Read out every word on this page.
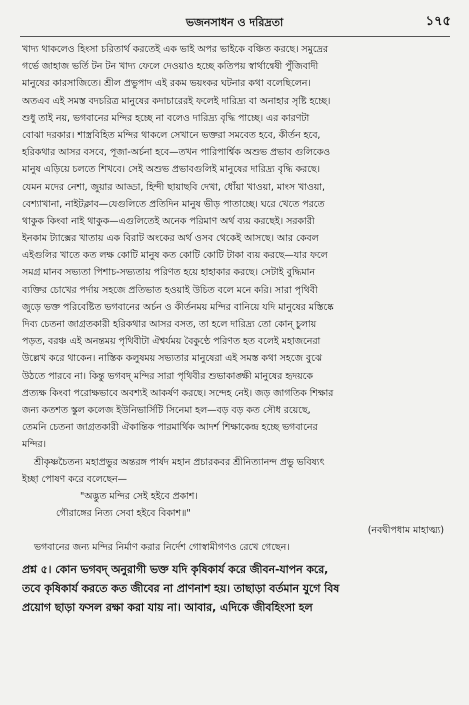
ভজনসাধন ও দরিদ্রতা	১৭৫
খাদ্য থাকলেও হিংসা চরিতার্থ করতেই এক ভাই অপর ভাইকে বঞ্চিত করছে। সমুদ্রের
গর্ভে জাহাজ ভর্তি টন টন খাদ্য ফেলে দেওয়াও হচ্ছে কতিপয় স্বার্থান্বেষী পুঁজিবাদী
মানুষের কারসাজিতে। শ্রীল প্রভুপাদ এই রকম ভয়ংকর ঘটনার কথা বলেছিলেন।
অতএব এই সমস্ত বদচরিত্র মানুষের কদাচারেরই ফলেই দারিদ্র্য বা অনাহার সৃষ্টি হচ্ছে।
শুধু তাই নয়, ভগবানের মন্দির হচ্ছে না বলেও দারিদ্র্য বৃদ্ধি পাচ্ছে। এর কারণটা
বোঝা দরকার। শাস্ত্রবিহিত মন্দির থাকলে সেখানে ভক্তরা সমবেত হবে, কীর্তন হবে,
হরিকথার আসর বসবে, পূজা-অর্চনা হবে—তখন পারিপার্শ্বিক অশুভ প্রভাব গুলিকেও
মানুষ এড়িয়ে চলতে শিখবে। সেই অশুভ প্রভাবগুলিই মানুষের দারিদ্র্য বৃদ্ধি করছে।
যেমন মদের নেশা, জুয়ার আড্ডা, হিন্দী ছায়াছবি দেখা, ধোঁয়া খাওয়া, মাংস খাওয়া,
বেশ্যাখানা, নাইটক্লাব—যেগুলিতে প্রতিদিন মানুষ ভীড় পাতাচ্ছে। ঘরে খেতে পরতে
থাকুক কিংবা নাই থাকুক—এগুলিতেই অনেক পরিমাণ অর্থ ব্যয় করছেই। সরকারী
ইনকাম ট্যাক্সের খাতায় এক বিরাট অংকের অর্থ ওসব থেকেই আসছে। আর কেবল
এইগুলির খাতে কত লক্ষ কোটি মানুষ কত কোটি কোটি টাকা ব্যয় করছে—যার ফলে
সমগ্র মানব সভ্যতা পিশাচ-সভ্যতায় পরিণত হয়ে হাহাকার করছে। সেটাই বুদ্ধিমান
ব্যক্তির চোখের পর্দায় সহজে প্রতিভাত হওয়াই উচিত বলে মনে করি। সারা পৃথিবী
জুড়ে ভক্ত পরিবেষ্টিত ভগবানের অর্চন ও কীর্তনময় মন্দির বানিয়ে যদি মানুষের মস্তিষ্কে
দিব্য চেতনা জাগ্রতকারী হরিকথার আসর বসত, তা হলে দারিদ্র্য তো কোন্ চুলায়
পড়ত, বরঞ্চ এই অনন্তময় পৃথিবীটা ঐশ্বর্যময় বৈকুণ্ঠে পরিণত হত বলেই মহাজনেরা
উল্লেখ করে থাকেন। নাস্তিক কলুষময় সভ্যতার মানুষেরা এই সমস্ত কথা সহজে বুঝে
উঠতে পারবে না। কিন্তু ভগবদ্ মন্দির সারা পৃথিবীর শুভাকাঙ্ক্ষী মানুষের হৃদয়কে
প্রত্যক্ষ কিংবা পরোক্ষভাবে অবশ্যই আকর্ষণ করছে। সন্দেহ নেই। জড় জাগতিক শিক্ষার
জন্য কতশত স্কুল কলেজ ইউনিভার্সিটি সিনেমা হল—বড় বড় কত সৌধ রয়েছে,
তেমনি চেতনা জাগ্রতকারী ঐকান্তিক পারমার্থিক আদর্শ শিক্ষাকেন্দ্র হচ্ছে ভগবানের
মন্দির।
শ্রীকৃষ্ণচৈতন্য মহাপ্রভুর অন্তরঙ্গ পার্ষদ মহান প্রচারকবর শ্রীনিত্যানন্দ প্রভু ভবিষ্যৎ
ইচ্ছা পোষণ করে বলেছেন—
"অদ্ভুত মন্দির সেই হইবে প্রকাশ।
গৌরাঙ্গের নিত্য সেবা হইবে বিকাশ॥"
(নবদ্বীপধাম মাহাত্ম্য)
ভগবানের জন্য মন্দির নির্মাণ করার নির্দেশ গোস্বামীগণও রেখে গেছেন।
প্রশ্ন ৫। কোন ভগবদ্ অনুরাগী ভক্ত যদি কৃষিকার্য করে জীবন-যাপন করে,
তবে কৃষিকার্য করতে কত জীবের না প্রাণনাশ হয়। তাছাড়া বর্তমান যুগে বিষ
প্রয়োগ ছাড়া ফসল রক্ষা করা যায় না। আবার, এদিকে জীবহিংসা হল
